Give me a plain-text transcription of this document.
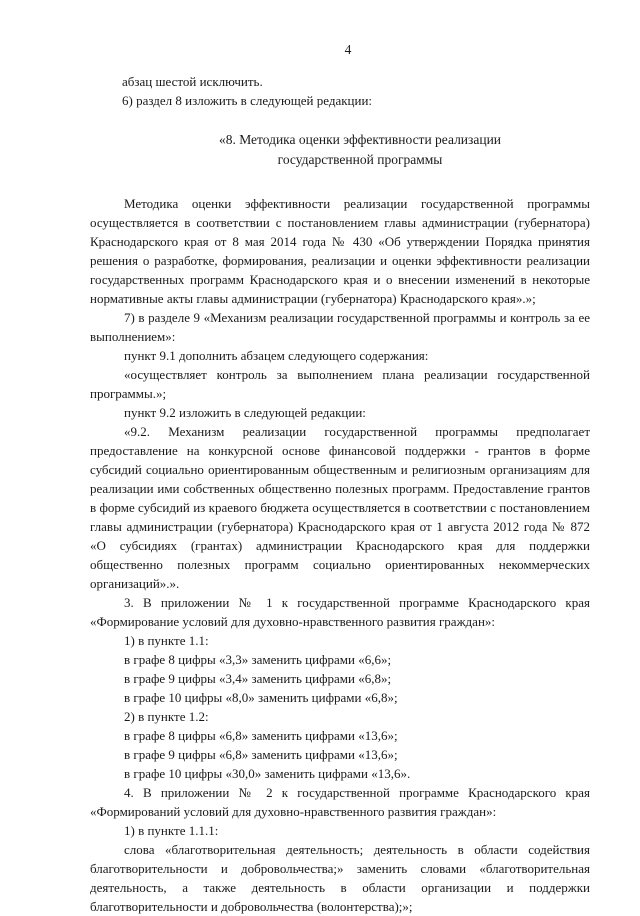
4

абзац шестой исключить.

6) раздел 8 изложить в следующей редакции:

«8. Методика оценки эффективности реализации
государственной программы

Методика оценки эффективности реализации государственной программы осуществляется в соответствии с постановлением главы администрации (губернатора) Краснодарского края от 8 мая 2014 года № 430 «Об утверждении Порядка принятия решения о разработке, формирования, реализации и оценки эффективности реализации государственных программ Краснодарского края и о внесении изменений в некоторые нормативные акты главы администрации (губернатора) Краснодарского края».»;

7) в разделе 9 «Механизм реализации государственной программы и контроль за ее выполнением»:

пункт 9.1 дополнить абзацем следующего содержания:

«осуществляет контроль за выполнением плана реализации государственной программы.»;

пункт 9.2 изложить в следующей редакции:

«9.2. Механизм реализации государственной программы предполагает предоставление на конкурсной основе финансовой поддержки - грантов в форме субсидий социально ориентированным общественным и религиозным организациям для реализации ими собственных общественно полезных программ. Предоставление грантов в форме субсидий из краевого бюджета осуществляется в соответствии с постановлением главы администрации (губернатора) Краснодарского края от 1 августа 2012 года № 872 «О субсидиях (грантах) администрации Краснодарского края для поддержки общественно полезных программ социально ориентированных некоммерческих организаций».».

3. В приложении № 1 к государственной программе Краснодарского края «Формирование условий для духовно-нравственного развития граждан»:

1) в пункте 1.1:

в графе 8 цифры «3,3» заменить цифрами «6,6»;

в графе 9 цифры «3,4» заменить цифрами «6,8»;

в графе 10 цифры «8,0» заменить цифрами «6,8»;

2) в пункте 1.2:

в графе 8 цифры «6,8» заменить цифрами «13,6»;

в графе 9 цифры «6,8» заменить цифрами «13,6»;

в графе 10 цифры «30,0» заменить цифрами «13,6».

4. В приложении № 2 к государственной программе Краснодарского края «Формирований условий для духовно-нравственного развития граждан»:

1) в пункте 1.1.1:

слова «благотворительная деятельность; деятельность в области содействия благотворительности и добровольчества;» заменить словами «благотворительная деятельность, а также деятельность в области организации и поддержки благотворительности и добровольчества (волонтерства);»;
